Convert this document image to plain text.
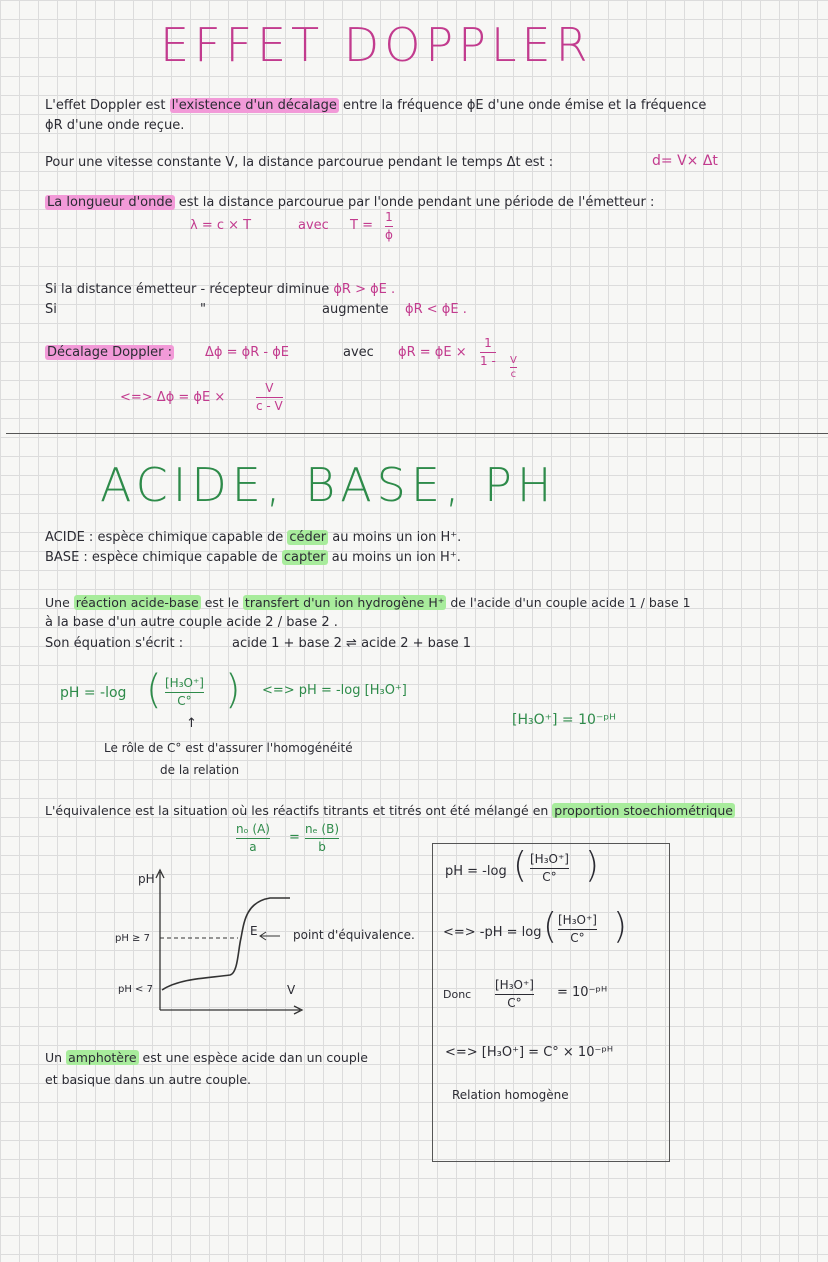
EFFET DOPPLER
L'effet Doppler est l'existence d'un décalage entre la fréquence ϕE d'une onde émise et la fréquence
ϕR d'une onde reçue.
Pour une vitesse constante V, la distance parcourue pendant le temps Δt est :	d= V× Δt
La longueur d'onde est la distance parcourue par l'onde pendant une période de l'émetteur :
λ = c × T	avec T =
1
ϕ
Si la distance émetteur - récepteur diminue ϕR > ϕE .
Si	"	augmente ϕR < ϕE .
Décalage Doppler :	Δϕ = ϕR - ϕE	avec ϕR = ϕE ×
1
1 - V
c
<=> Δϕ = ϕE ×
V
c - V
ACIDE, BASE, PH
ACIDE : espèce chimique capable de céder au moins un ion H⁺.
BASE : espèce chimique capable de capter au moins un ion H⁺.
Une réaction acide-base est le transfert d'un ion hydrogène H⁺ de l'acide d'un couple acide 1 / base 1
à la base d'un autre couple acide 2 / base 2 .
Son équation s'écrit :	acide 1 + base 2 ⇌ acide 2 + base 1
pH = -log ( [H₃O⁺]
C° ) <=> pH = -log [H₃O⁺]
[H₃O⁺] = 10⁻ᵖᴴ
↑
Le rôle de C° est d'assurer l'homogénéité
de la relation
L'équivalence est la situation où les réactifs titrants et titrés ont été mélangé en proportion stoechiométrique
nₒ (A)
a
=
nₑ (B)
b
pH
V
pH ≥ 7
pH < 7
E	point d'équivalence.
Un amphotère est une espèce acide dan un couple
et basique dans un autre couple.
pH = -log ( [H₃O⁺]
C° )
<=> -pH = log ( [H₃O⁺]
C° )
Donc
[H₃O⁺]
C°
= 10⁻ᵖᴴ
<=> [H₃O⁺] = C° × 10⁻ᵖᴴ
Relation homogène
